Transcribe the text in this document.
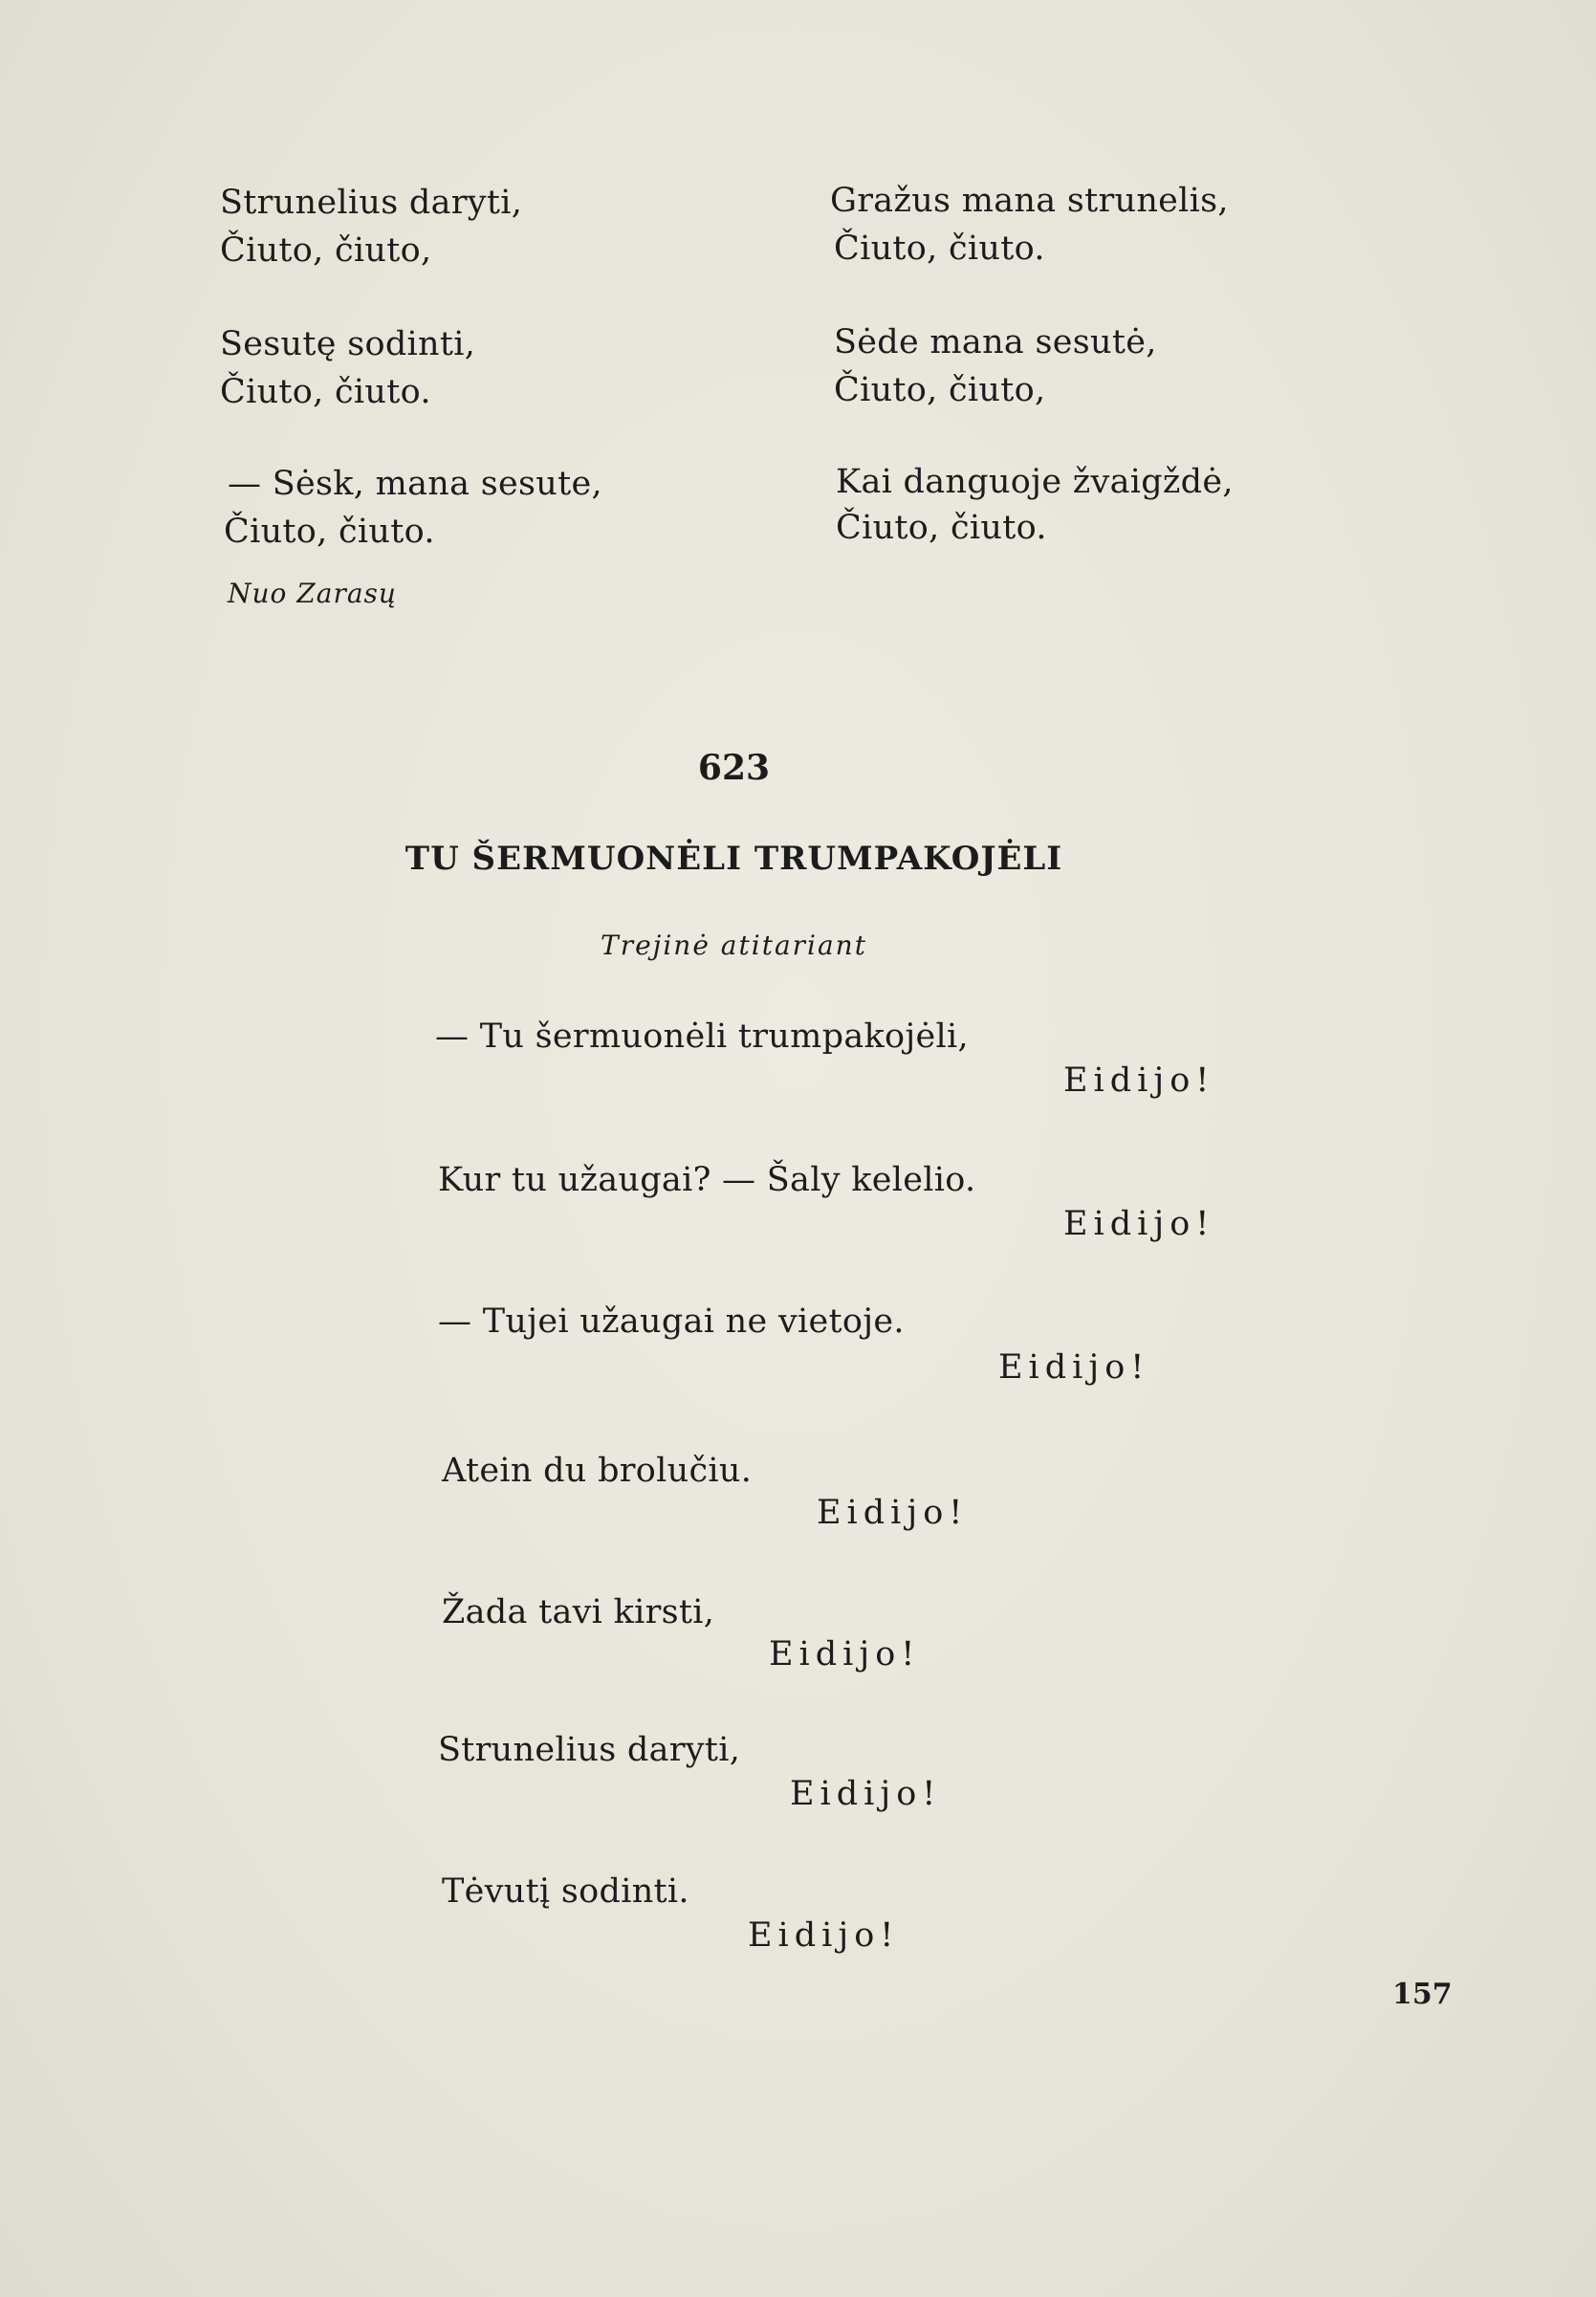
Strunelius daryti,
Čiuto, čiuto,
Sesutę sodinti,
Čiuto, čiuto.
— Sėsk, mana sesute,
Čiuto, čiuto.
Gražus mana strunelis,
Čiuto, čiuto.
Sėde mana sesutė,
Čiuto, čiuto,
Kai danguoje žvaigždė,
Čiuto, čiuto.
Nuo Zarasų
623
TU ŠERMUONĖLI TRUMPAKOJĖLI
Trejinė atitariant
— Tu šermuonėli trumpakojėli,
Eidijo!
Kur tu užaugai? — Šaly kelelio.
Eidijo!
— Tujei užaugai ne vietoje.
Eidijo!
Atein du brolučiu.
Eidijo!
Žada tavi kirsti,
Eidijo!
Strunelius daryti,
Eidijo!
Tėvutį sodinti.
Eidijo!
157
